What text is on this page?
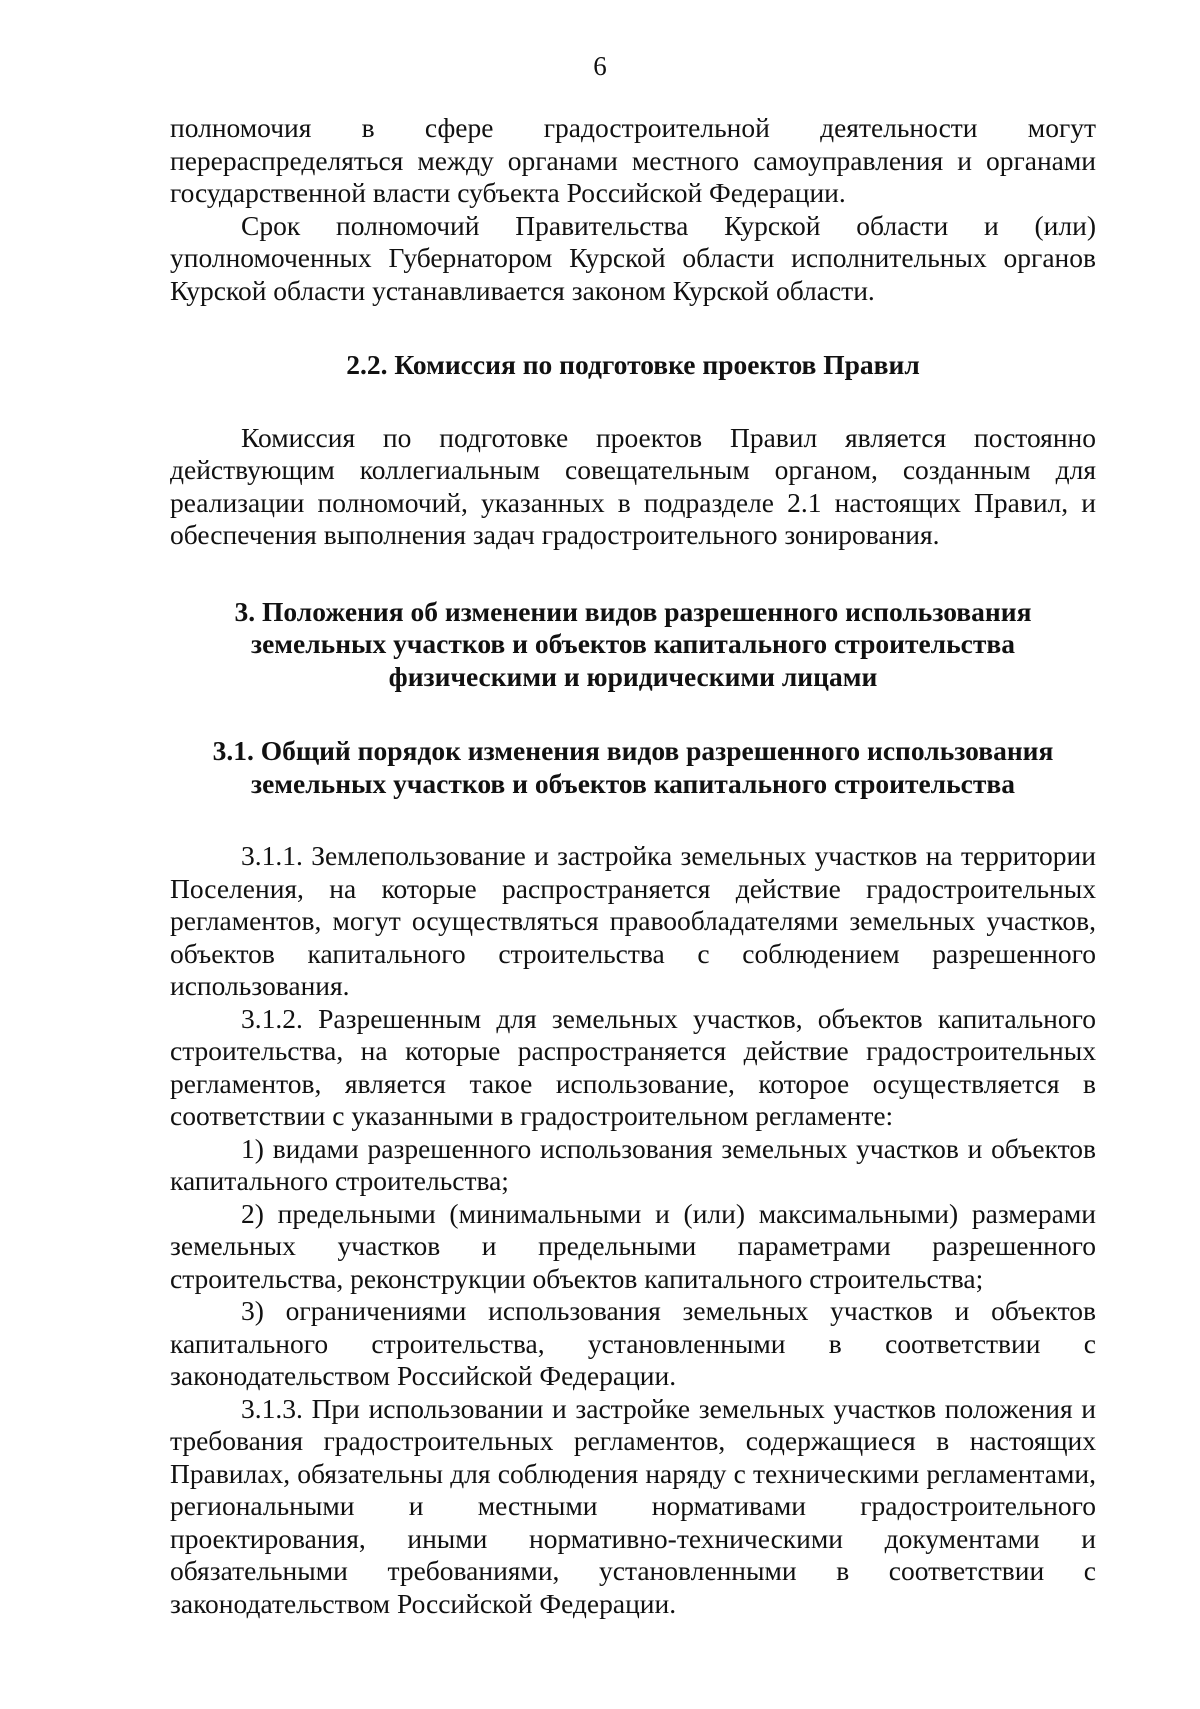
6

полномочия в сфере градостроительной деятельности могут перераспределяться между органами местного самоуправления и органами государственной власти субъекта Российской Федерации.

Срок полномочий Правительства Курской области и (или) уполномоченных Губернатором Курской области исполнительных органов Курской области устанавливается законом Курской области.

2.2. Комиссия по подготовке проектов Правил

Комиссия по подготовке проектов Правил является постоянно действующим коллегиальным совещательным органом, созданным для реализации полномочий, указанных в подразделе 2.1 настоящих Правил, и обеспечения выполнения задач градостроительного зонирования.

3. Положения об изменении видов разрешенного использования
земельных участков и объектов капитального строительства
физическими и юридическими лицами
3.1. Общий порядок изменения видов разрешенного использования
земельных участков и объектов капитального строительства

3.1.1. Землепользование и застройка земельных участков на территории Поселения, на которые распространяется действие градостроительных регламентов, могут осуществляться правообладателями земельных участков, объектов капитального строительства с соблюдением разрешенного использования.

3.1.2. Разрешенным для земельных участков, объектов капитального строительства, на которые распространяется действие градостроительных регламентов, является такое использование, которое осуществляется в соответствии с указанными в градостроительном регламенте:

1) видами разрешенного использования земельных участков и объектов капитального строительства;

2) предельными (минимальными и (или) максимальными) размерами земельных участков и предельными параметрами разрешенного строительства, реконструкции объектов капитального строительства;

3) ограничениями использования земельных участков и объектов капитального строительства, установленными в соответствии с законодательством Российской Федерации.

3.1.3. При использовании и застройке земельных участков положения и требования градостроительных регламентов, содержащиеся в настоящих Правилах, обязательны для соблюдения наряду с техническими регламентами, региональными и местными нормативами градостроительного проектирования, иными нормативно-техническими документами и обязательными требованиями, установленными в соответствии с законодательством Российской Федерации.
